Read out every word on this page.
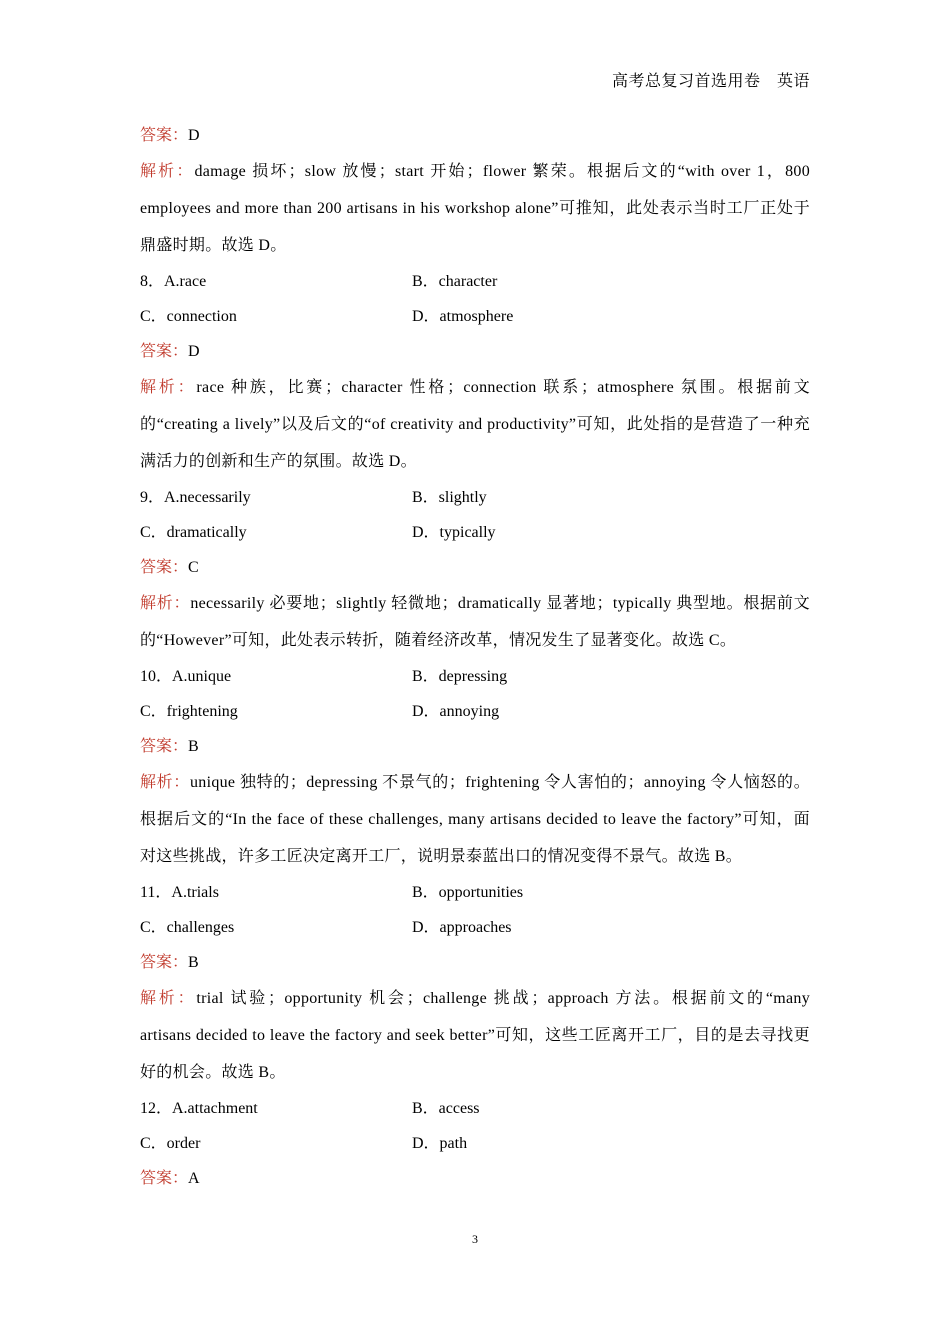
高考总复习首选用卷　英语
答案：D
解析：damage 损坏；slow 放慢；start 开始；flower 繁荣。根据后文的“with over 1，800 employees and more than 200 artisans in his workshop alone”可推知，此处表示当时工厂正处于鼎盛时期。故选 D。
8．A.race	B．character
C．connection	D．atmosphere
答案：D
解析：race 种族，比赛；character 性格；connection 联系；atmosphere 氛围。根据前文的“creating a lively”以及后文的“of creativity and productivity”可知，此处指的是营造了一种充满活力的创新和生产的氛围。故选 D。
9．A.necessarily	B．slightly
C．dramatically	D．typically
答案：C
解析：necessarily 必要地；slightly 轻微地；dramatically 显著地；typically 典型地。根据前文的“However”可知，此处表示转折，随着经济改革，情况发生了显著变化。故选 C。
10．A.unique	B．depressing
C．frightening	D．annoying
答案：B
解析：unique 独特的；depressing 不景气的；frightening 令人害怕的；annoying 令人恼怒的。根据后文的“In the face of these challenges, many artisans decided to leave the factory”可知，面对这些挑战，许多工匠决定离开工厂，说明景泰蓝出口的情况变得不景气。故选 B。
11．A.trials	B．opportunities
C．challenges	D．approaches
答案：B
解析：trial 试验；opportunity 机会；challenge 挑战；approach 方法。根据前文的“many artisans decided to leave the factory and seek better”可知，这些工匠离开工厂，目的是去寻找更好的机会。故选 B。
12．A.attachment	B．access
C．order	D．path
答案：A
3
